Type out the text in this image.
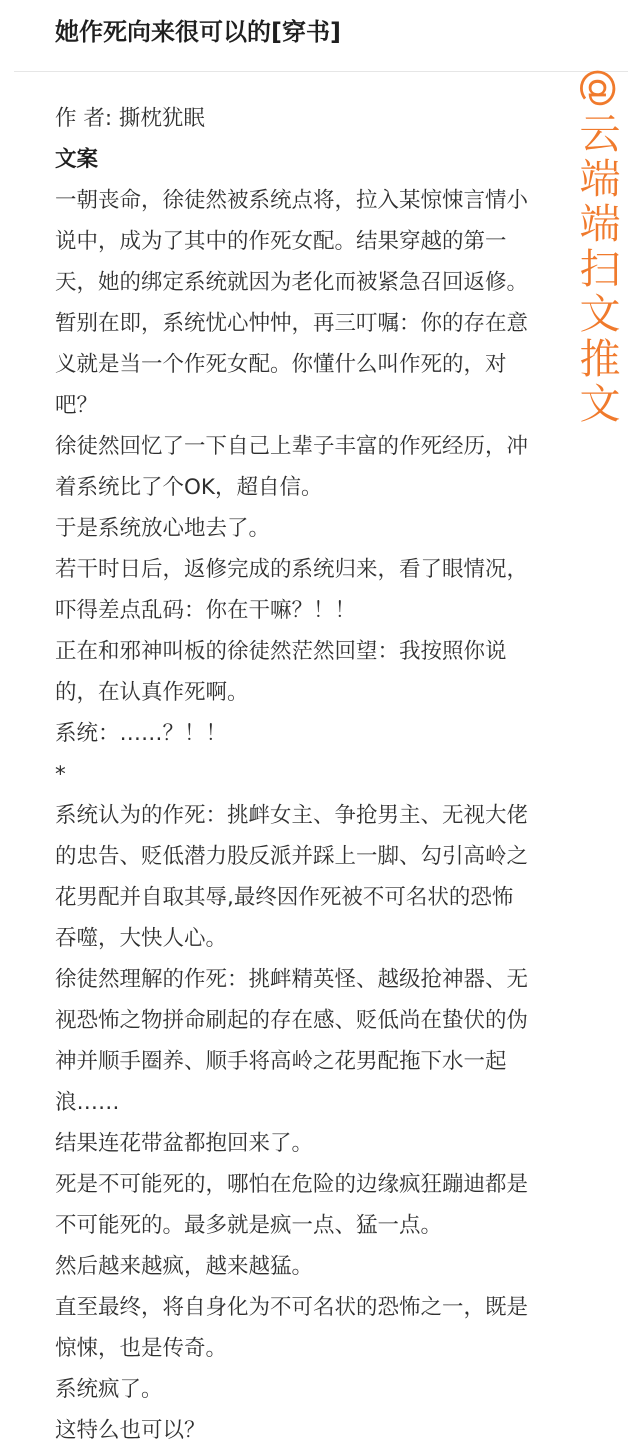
她作死向来很可以的[穿书]
作 者: 撕枕犹眠
文案
一朝丧命，徐徒然被系统点将，拉入某惊悚言情小
说中，成为了其中的作死女配。结果穿越的第一
天，她的绑定系统就因为老化而被紧急召回返修。
暂别在即，系统忧心忡忡，再三叮嘱：你的存在意
义就是当一个作死女配。你懂什么叫作死的，对
吧？
徐徒然回忆了一下自己上辈子丰富的作死经历，冲
着系统比了个OK，超自信。
于是系统放心地去了。
若干时日后，返修完成的系统归来，看了眼情况，
吓得差点乱码：你在干嘛？！！
正在和邪神叫板的徐徒然茫然回望：我按照你说
的，在认真作死啊。
系统：……？！！
*
系统认为的作死：挑衅女主、争抢男主、无视大佬
的忠告、贬低潜力股反派并踩上一脚、勾引高岭之
花男配并自取其辱,最终因作死被不可名状的恐怖
吞噬，大快人心。
徐徒然理解的作死：挑衅精英怪、越级抢神器、无
视恐怖之物拼命刷起的存在感、贬低尚在蛰伏的伪
神并顺手圈养、顺手将高岭之花男配拖下水一起
浪……
结果连花带盆都抱回来了。
死是不可能死的，哪怕在危险的边缘疯狂蹦迪都是
不可能死的。最多就是疯一点、猛一点。
然后越来越疯，越来越猛。
直至最终，将自身化为不可名状的恐怖之一，既是
惊悚，也是传奇。
系统疯了。
这特么也可以？
@
云
端
端
扫
文
推
文
